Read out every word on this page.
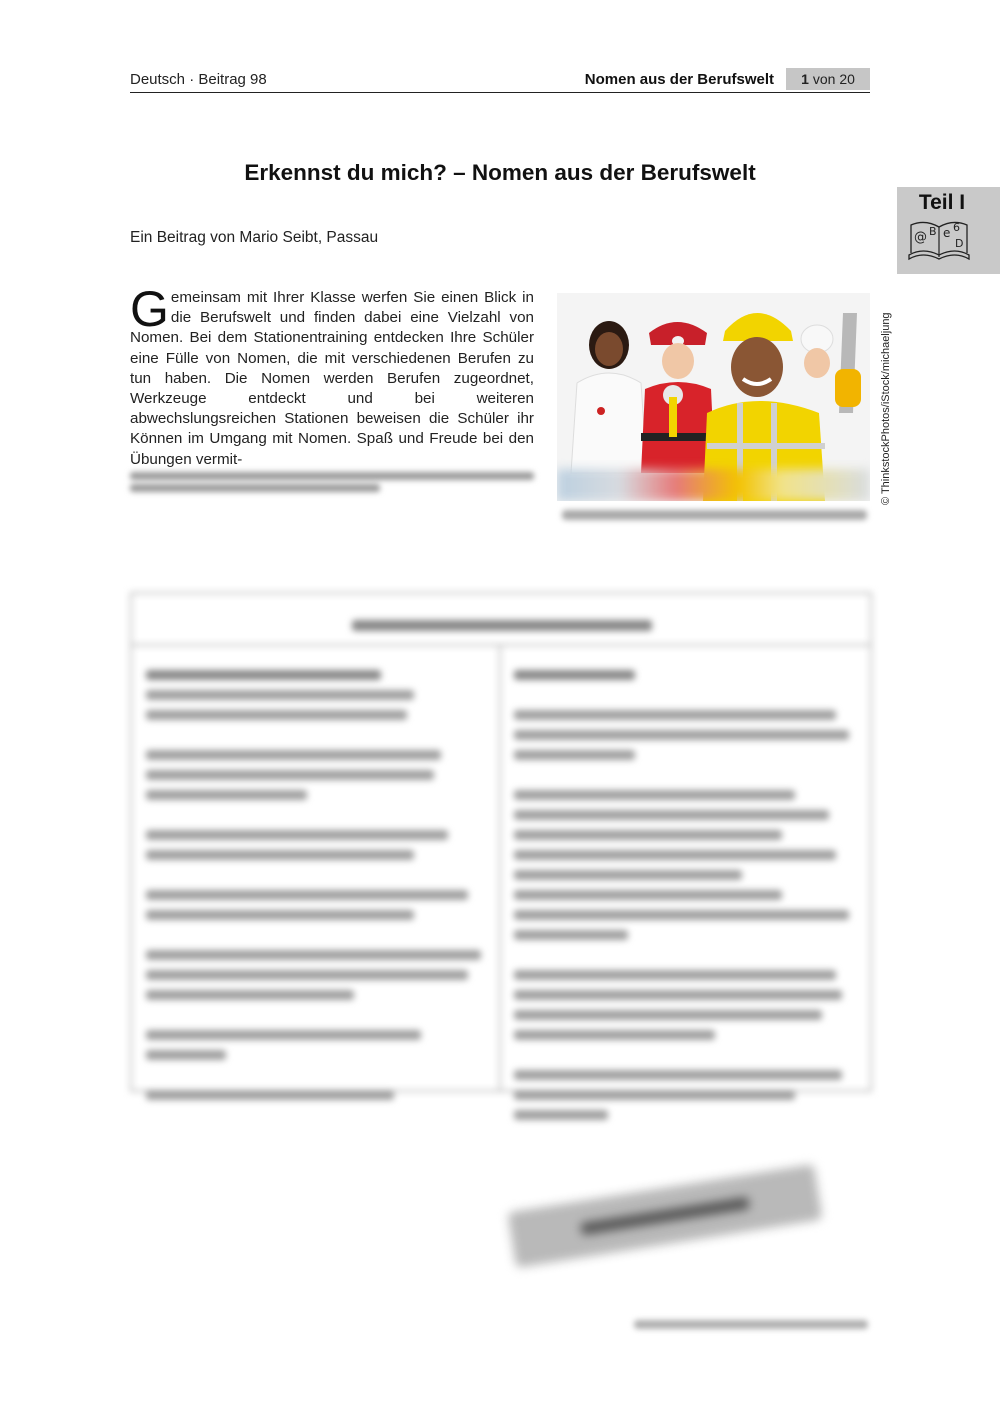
Deutsch · Beitrag 98	Nomen aus der Berufswelt 1 von 20
Teil I
@ B e 6
D
Erkennst du mich? – Nomen aus der Berufswelt
Ein Beitrag von Mario Seibt, Passau
Gemeinsam mit Ihrer Klasse werfen Sie einen Blick in die Berufswelt und finden dabei eine Vielzahl von Nomen. Bei dem Stationentraining entdecken Ihre Schüler eine Fülle von Nomen, die mit verschiedenen Berufen zu tun haben. Die Nomen werden Berufen zugeordnet, Werkzeuge entdeckt und bei weiteren abwechslungsreichen Stationen beweisen die Schüler ihr Können im Umgang mit Nomen. Spaß und Freude bei den Übungen vermit-	© ThinkstockPhotos/iStock/michaeljung
